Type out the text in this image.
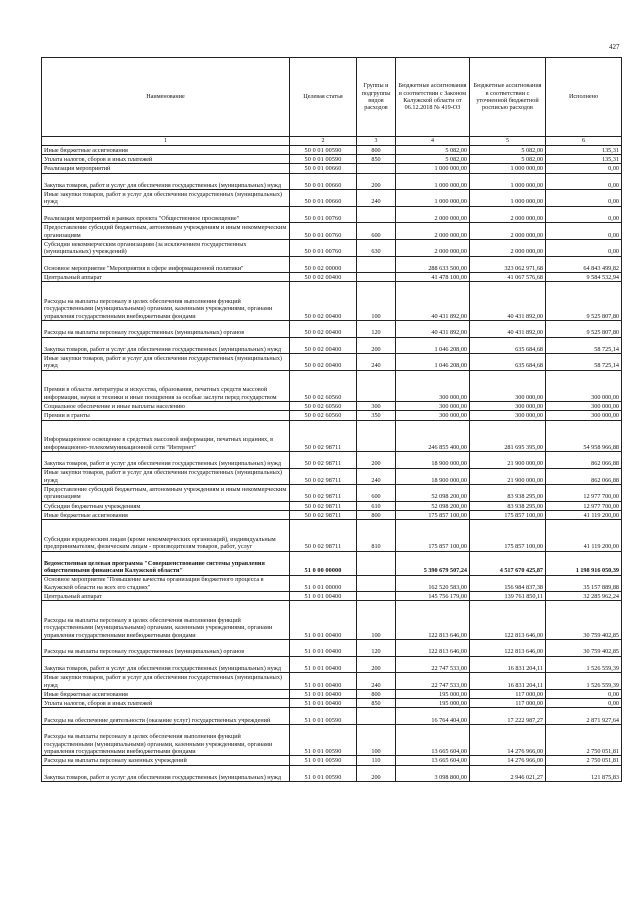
427
Наименование	Целевая статья	Группы и подгруппы видов расходов	Бюджетные ассигнования в соответствии с Законом Калужской области от 06.12.2018 № 419-ОЗ	Бюджетные ассигнования в соответствии с уточненной бюджетной росписью расходов	Исполнено
1	2	3	4	5	6
Иные бюджетные ассигнования	50 0 01 00590	800	5 082,00	5 082,00	135,31
Уплата налогов, сборов и иных платежей	50 0 01 00590	850	5 082,00	5 082,00	135,31
Реализация мероприятий	50 0 01 00660		1 000 000,00	1 000 000,00	0,00
Закупка товаров, работ и услуг для обеспечения государственных (муниципальных) нужд	50 0 01 00660	200	1 000 000,00	1 000 000,00	0,00
Иные закупки товаров, работ и услуг для обеспечения государственных (муниципальных) нужд	50 0 01 00660	240	1 000 000,00	1 000 000,00	0,00
Реализация мероприятий в рамках проекта "Общественное просвещение"	50 0 01 00760		2 000 000,00	2 000 000,00	0,00
Предоставление субсидий бюджетным, автономным учреждениям и иным некоммерческим организациям	50 0 01 00760	600	2 000 000,00	2 000 000,00	0,00
Субсидии некоммерческим организациям (за исключением государственных (муниципальных) учреждений)	50 0 01 00760	630	2 000 000,00	2 000 000,00	0,00
Основное мероприятие "Мероприятия в сфере информационной политики"	50 0 02 00000		288 633 500,00	323 062 971,68	64 843 499,82
Центральный аппарат	50 0 02 00400		41 478 100,00	41 067 576,68	9 584 532,94
Расходы на выплаты персоналу в целях обеспечения выполнения функций государственными (муниципальными) органами, казенными учреждениями, органами управления государственными внебюджетными фондами	50 0 02 00400	100	40 431 892,00	40 431 892,00	9 525 807,80
Расходы на выплаты персоналу государственных (муниципальных) органов	50 0 02 00400	120	40 431 892,00	40 431 892,00	9 525 807,80
Закупка товаров, работ и услуг для обеспечения государственных (муниципальных) нужд	50 0 02 00400	200	1 046 208,00	635 684,68	58 725,14
Иные закупки товаров, работ и услуг для обеспечения государственных (муниципальных) нужд	50 0 02 00400	240	1 046 208,00	635 684,68	58 725,14
Премии в области литературы и искусства, образования, печатных средств массовой информации, науки и техники и иные поощрения за особые заслуги перед государством	50 0 02 60560		300 000,00	300 000,00	300 000,00
Социальное обеспечение и иные выплаты населению	50 0 02 60560	300	300 000,00	300 000,00	300 000,00
Премии и гранты	50 0 02 60560	350	300 000,00	300 000,00	300 000,00
Информационное освещение в средствах массовой информации, печатных изданиях, в информационно-телекоммуникационной сети "Интернет"	50 0 02 98711		246 855 400,00	281 695 395,00	54 958 966,88
Закупка товаров, работ и услуг для обеспечения государственных (муниципальных) нужд	50 0 02 98711	200	18 900 000,00	21 900 000,00	862 066,88
Иные закупки товаров, работ и услуг для обеспечения государственных (муниципальных) нужд	50 0 02 98711	240	18 900 000,00	21 900 000,00	862 066,88
Предоставление субсидий бюджетным, автономным учреждениям и иным некоммерческим организациям	50 0 02 98711	600	52 098 200,00	83 938 295,00	12 977 700,00
Субсидии бюджетным учреждениям	50 0 02 98711	610	52 098 200,00	83 938 295,00	12 977 700,00
Иные бюджетные ассигнования	50 0 02 98711	800	175 857 100,00	175 857 100,00	41 119 200,00
Субсидии юридическим лицам (кроме некоммерческих организаций), индивидуальным предпринимателям, физическим лицам - производителям товаров, работ, услуг	50 0 02 98711	810	175 857 100,00	175 857 100,00	41 119 200,00
Ведомственная целевая программа "Совершенствование системы управления общественными финансами Калужской области"	51 0 00 00000		5 390 679 507,24	4 517 670 425,87	1 198 916 050,39
Основное мероприятие "Повышение качества организации бюджетного процесса в Калужской области на всех его стадиях"	51 0 01 00000		162 520 583,00	156 984 837,38	35 157 889,88
Центральный аппарат	51 0 01 00400		145 756 179,00	139 761 850,11	32 285 962,24
Расходы на выплаты персоналу в целях обеспечения выполнения функций государственными (муниципальными) органами, казенными учреждениями, органами управления государственными внебюджетными фондами	51 0 01 00400	100	122 813 646,00	122 813 646,00	30 759 402,85
Расходы на выплаты персоналу государственных (муниципальных) органов	51 0 01 00400	120	122 813 646,00	122 813 646,00	30 759 402,85
Закупка товаров, работ и услуг для обеспечения государственных (муниципальных) нужд	51 0 01 00400	200	22 747 533,00	16 831 204,11	1 526 559,39
Иные закупки товаров, работ и услуг для обеспечения государственных (муниципальных) нужд	51 0 01 00400	240	22 747 533,00	16 831 204,11	1 526 559,39
Иные бюджетные ассигнования	51 0 01 00400	800	195 000,00	117 000,00	0,00
Уплата налогов, сборов и иных платежей	51 0 01 00400	850	195 000,00	117 000,00	0,00
Расходы на обеспечение деятельности (оказание услуг) государственных учреждений	51 0 01 00590		16 764 404,00	17 222 987,27	2 871 927,64
Расходы на выплаты персоналу в целях обеспечения выполнения функций государственными (муниципальными) органами, казенными учреждениями, органами управления государственными внебюджетными фондами	51 0 01 00590	100	13 665 604,00	14 276 966,00	2 750 051,81
Расходы на выплаты персоналу казенных учреждений	51 0 01 00590	110	13 665 604,00	14 276 966,00	2 750 051,81
Закупка товаров, работ и услуг для обеспечения государственных (муниципальных) нужд	51 0 01 00590	200	3 098 800,00	2 946 021,27	121 875,83
